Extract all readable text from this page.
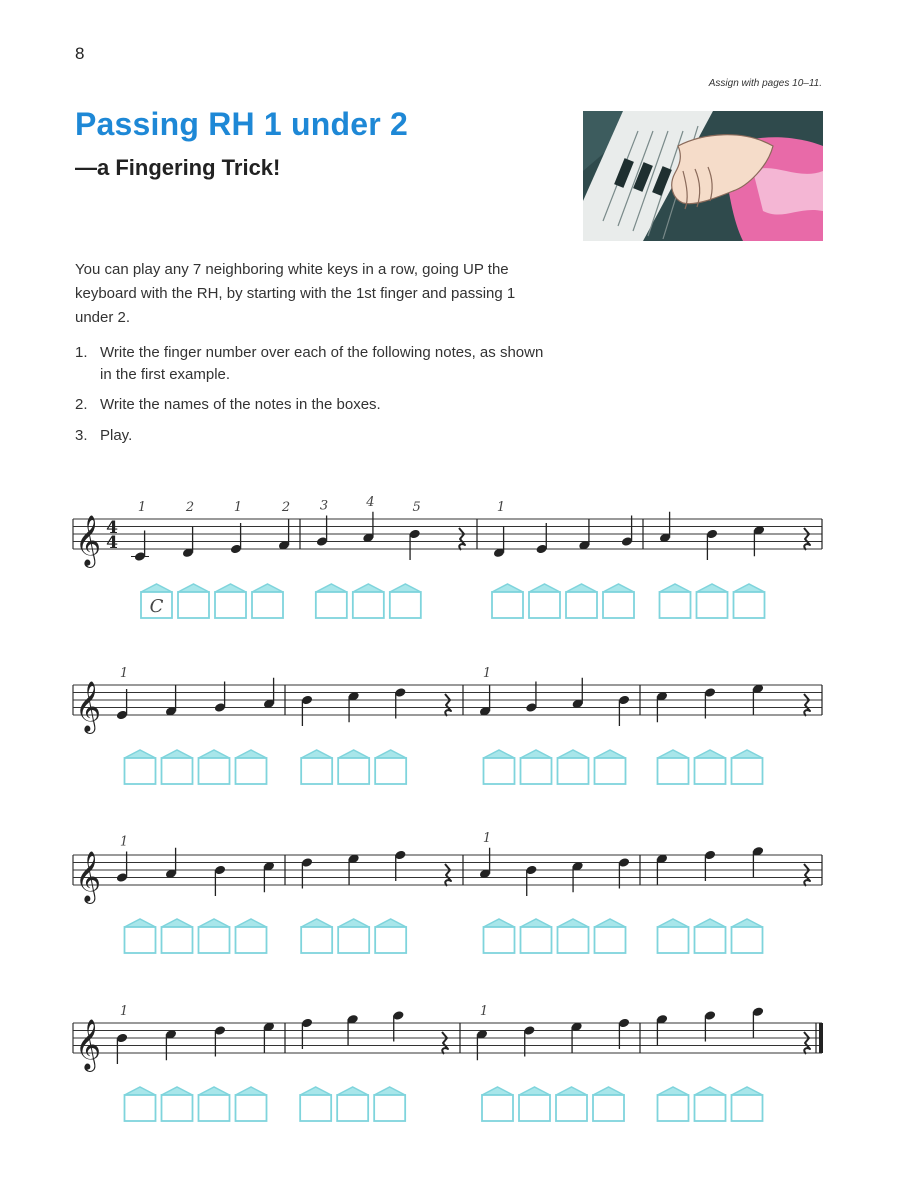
8
Assign with pages 10–11.
Passing RH 1 under 2
—a Fingering Trick!
You can play any 7 neighboring white keys in a row, going UP the keyboard with the RH, by starting with the 1st finger and passing 1 under 2.
1. Write the finger number over each of the following notes, as shown in the first example.
2. Write the names of the notes in the boxes.
3. Play.
𝄞 4
4
1	2	1	2
C
3	4	5	1
𝄞
1	1
𝄞
1	1
𝄞
1	1
